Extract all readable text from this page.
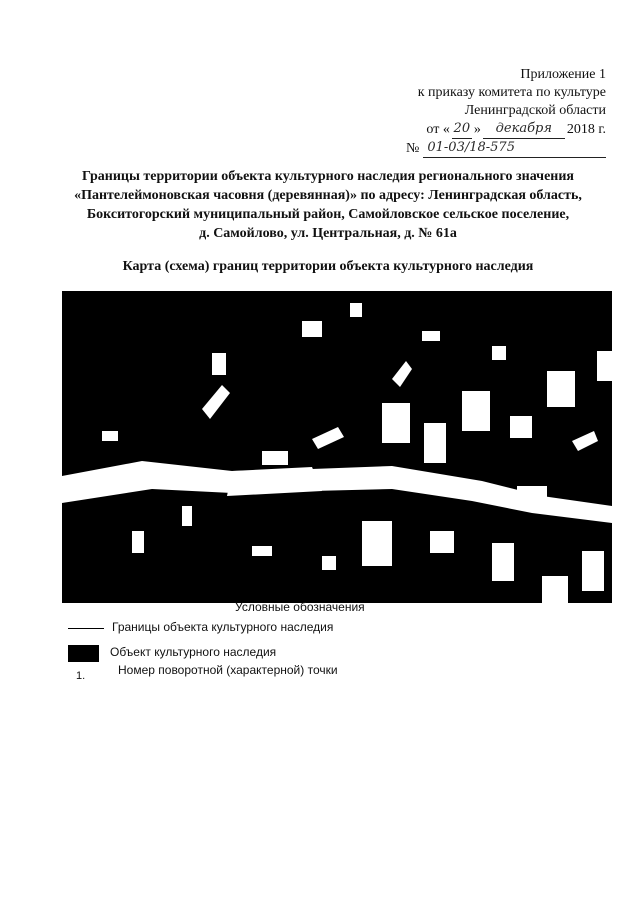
Приложение 1
к приказу комитета по культуре
Ленинградской области
от « 20 »	декабря	2018 г.
№ 01-03/18-575
Границы территории объекта культурного наследия регионального значения
«Пантелеймоновская часовня (деревянная)» по адресу: Ленинградская область,
Бокситогорский муниципальный район, Самойловское сельское поселение,
д. Самойлово, ул. Центральная, д. № 61а
Карта (схема) границ территории объекта культурного наследия
Условные обозначения
Границы объекта культурного наследия
Объект культурного наследия
1.	Номер поворотной (характерной) точки
